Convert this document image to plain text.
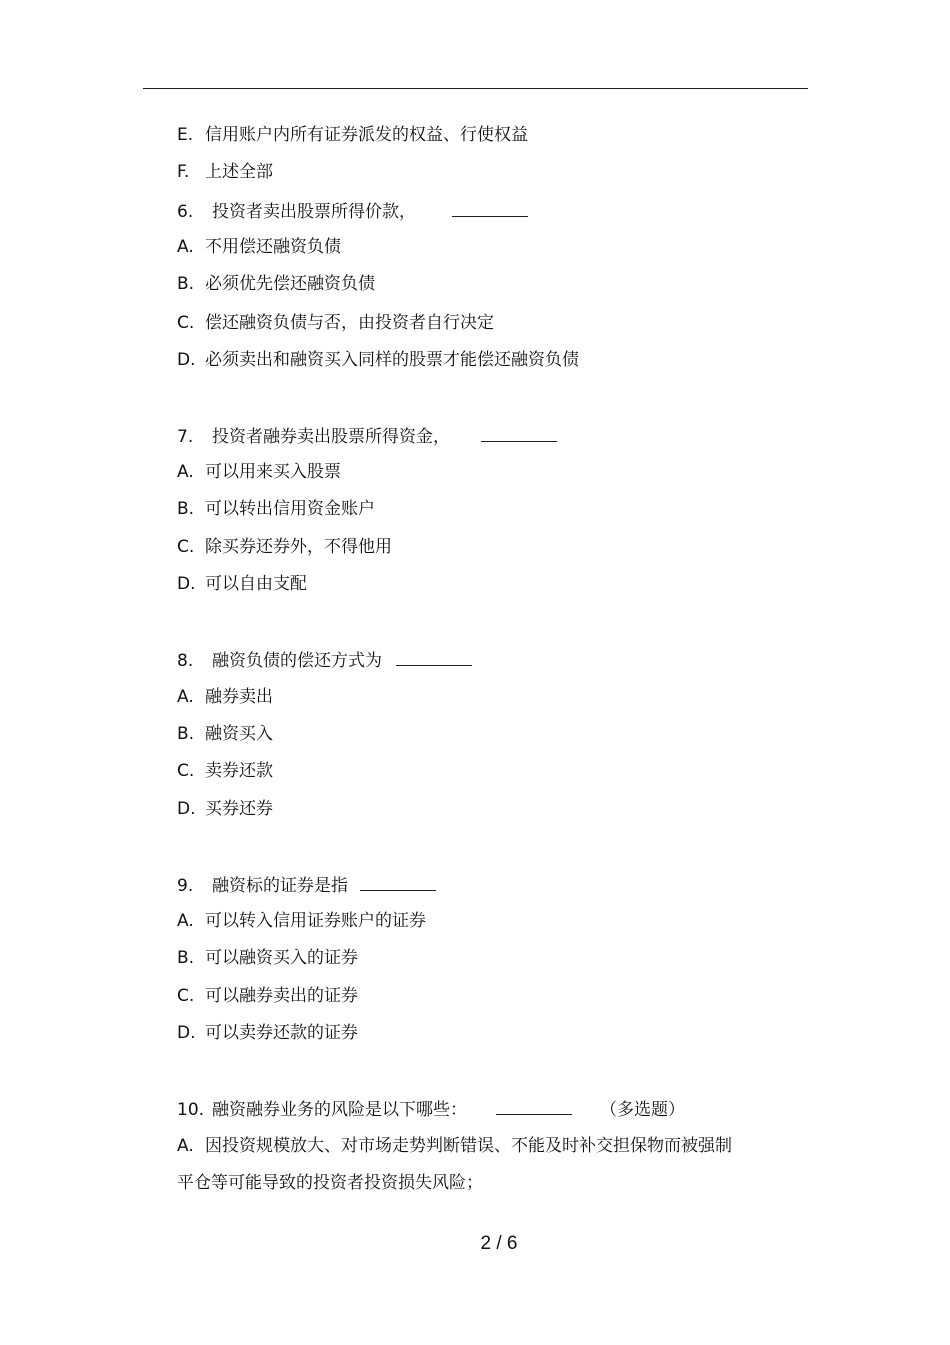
E. 信用账户内所有证券派发的权益、行使权益
F. 上述全部
6. 投资者卖出股票所得价款，
A. 不用偿还融资负债
B. 必须优先偿还融资负债
C. 偿还融资负债与否，由投资者自行决定
D. 必须卖出和融资买入同样的股票才能偿还融资负债
7. 投资者融券卖出股票所得资金，
A. 可以用来买入股票
B. 可以转出信用资金账户
C. 除买券还券外，不得他用
D. 可以自由支配
8. 融资负债的偿还方式为
A. 融券卖出
B. 融资买入
C. 卖券还款
D. 买券还券
9. 融资标的证券是指
A. 可以转入信用证券账户的证券
B. 可以融资买入的证券
C. 可以融券卖出的证券
D. 可以卖券还款的证券
10. 融资融券业务的风险是以下哪些：	（多选题）
A. 因投资规模放大、对市场走势判断错误、不能及时补交担保物而被强制
平仓等可能导致的投资者投资损失风险；
2 / 6
